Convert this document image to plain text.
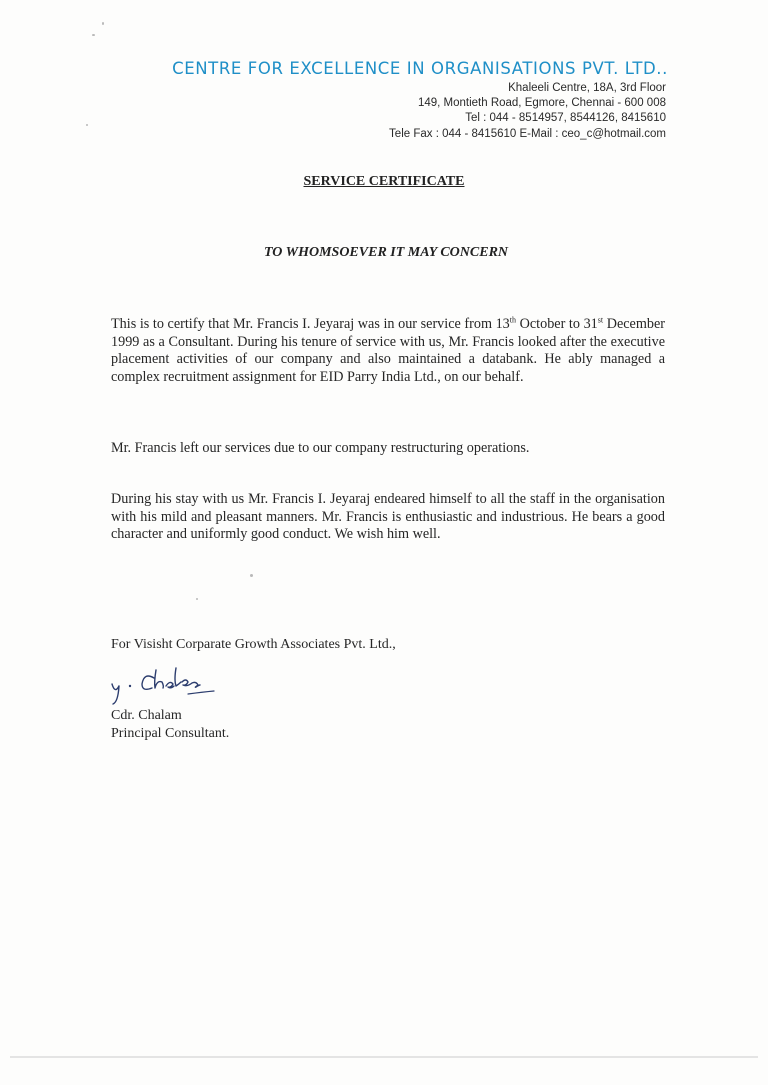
CENTRE FOR EXCELLENCE IN ORGANISATIONS PVT. LTD..
Khaleeli Centre, 18A, 3rd Floor
149, Montieth Road, Egmore, Chennai - 600 008
Tel : 044 - 8514957, 8544126, 8415610
Tele Fax : 044 - 8415610 E-Mail : ceo_c@hotmail.com
SERVICE CERTIFICATE
TO WHOMSOEVER IT MAY CONCERN
This is to certify that Mr. Francis I. Jeyaraj was in our service from 13th October to 31st December 1999 as a Consultant. During his tenure of service with us, Mr. Francis looked after the executive placement activities of our company and also maintained a databank. He ably managed a complex recruitment assignment for EID Parry India Ltd., on our behalf.
Mr. Francis left our services due to our company restructuring operations.
During his stay with us Mr. Francis I. Jeyaraj endeared himself to all the staff in the organisation with his mild and pleasant manners. Mr. Francis is enthusiastic and industrious. He bears a good character and uniformly good conduct. We wish him well.
For Visisht Corparate Growth Associates Pvt. Ltd.,
Cdr. Chalam
Principal Consultant.
